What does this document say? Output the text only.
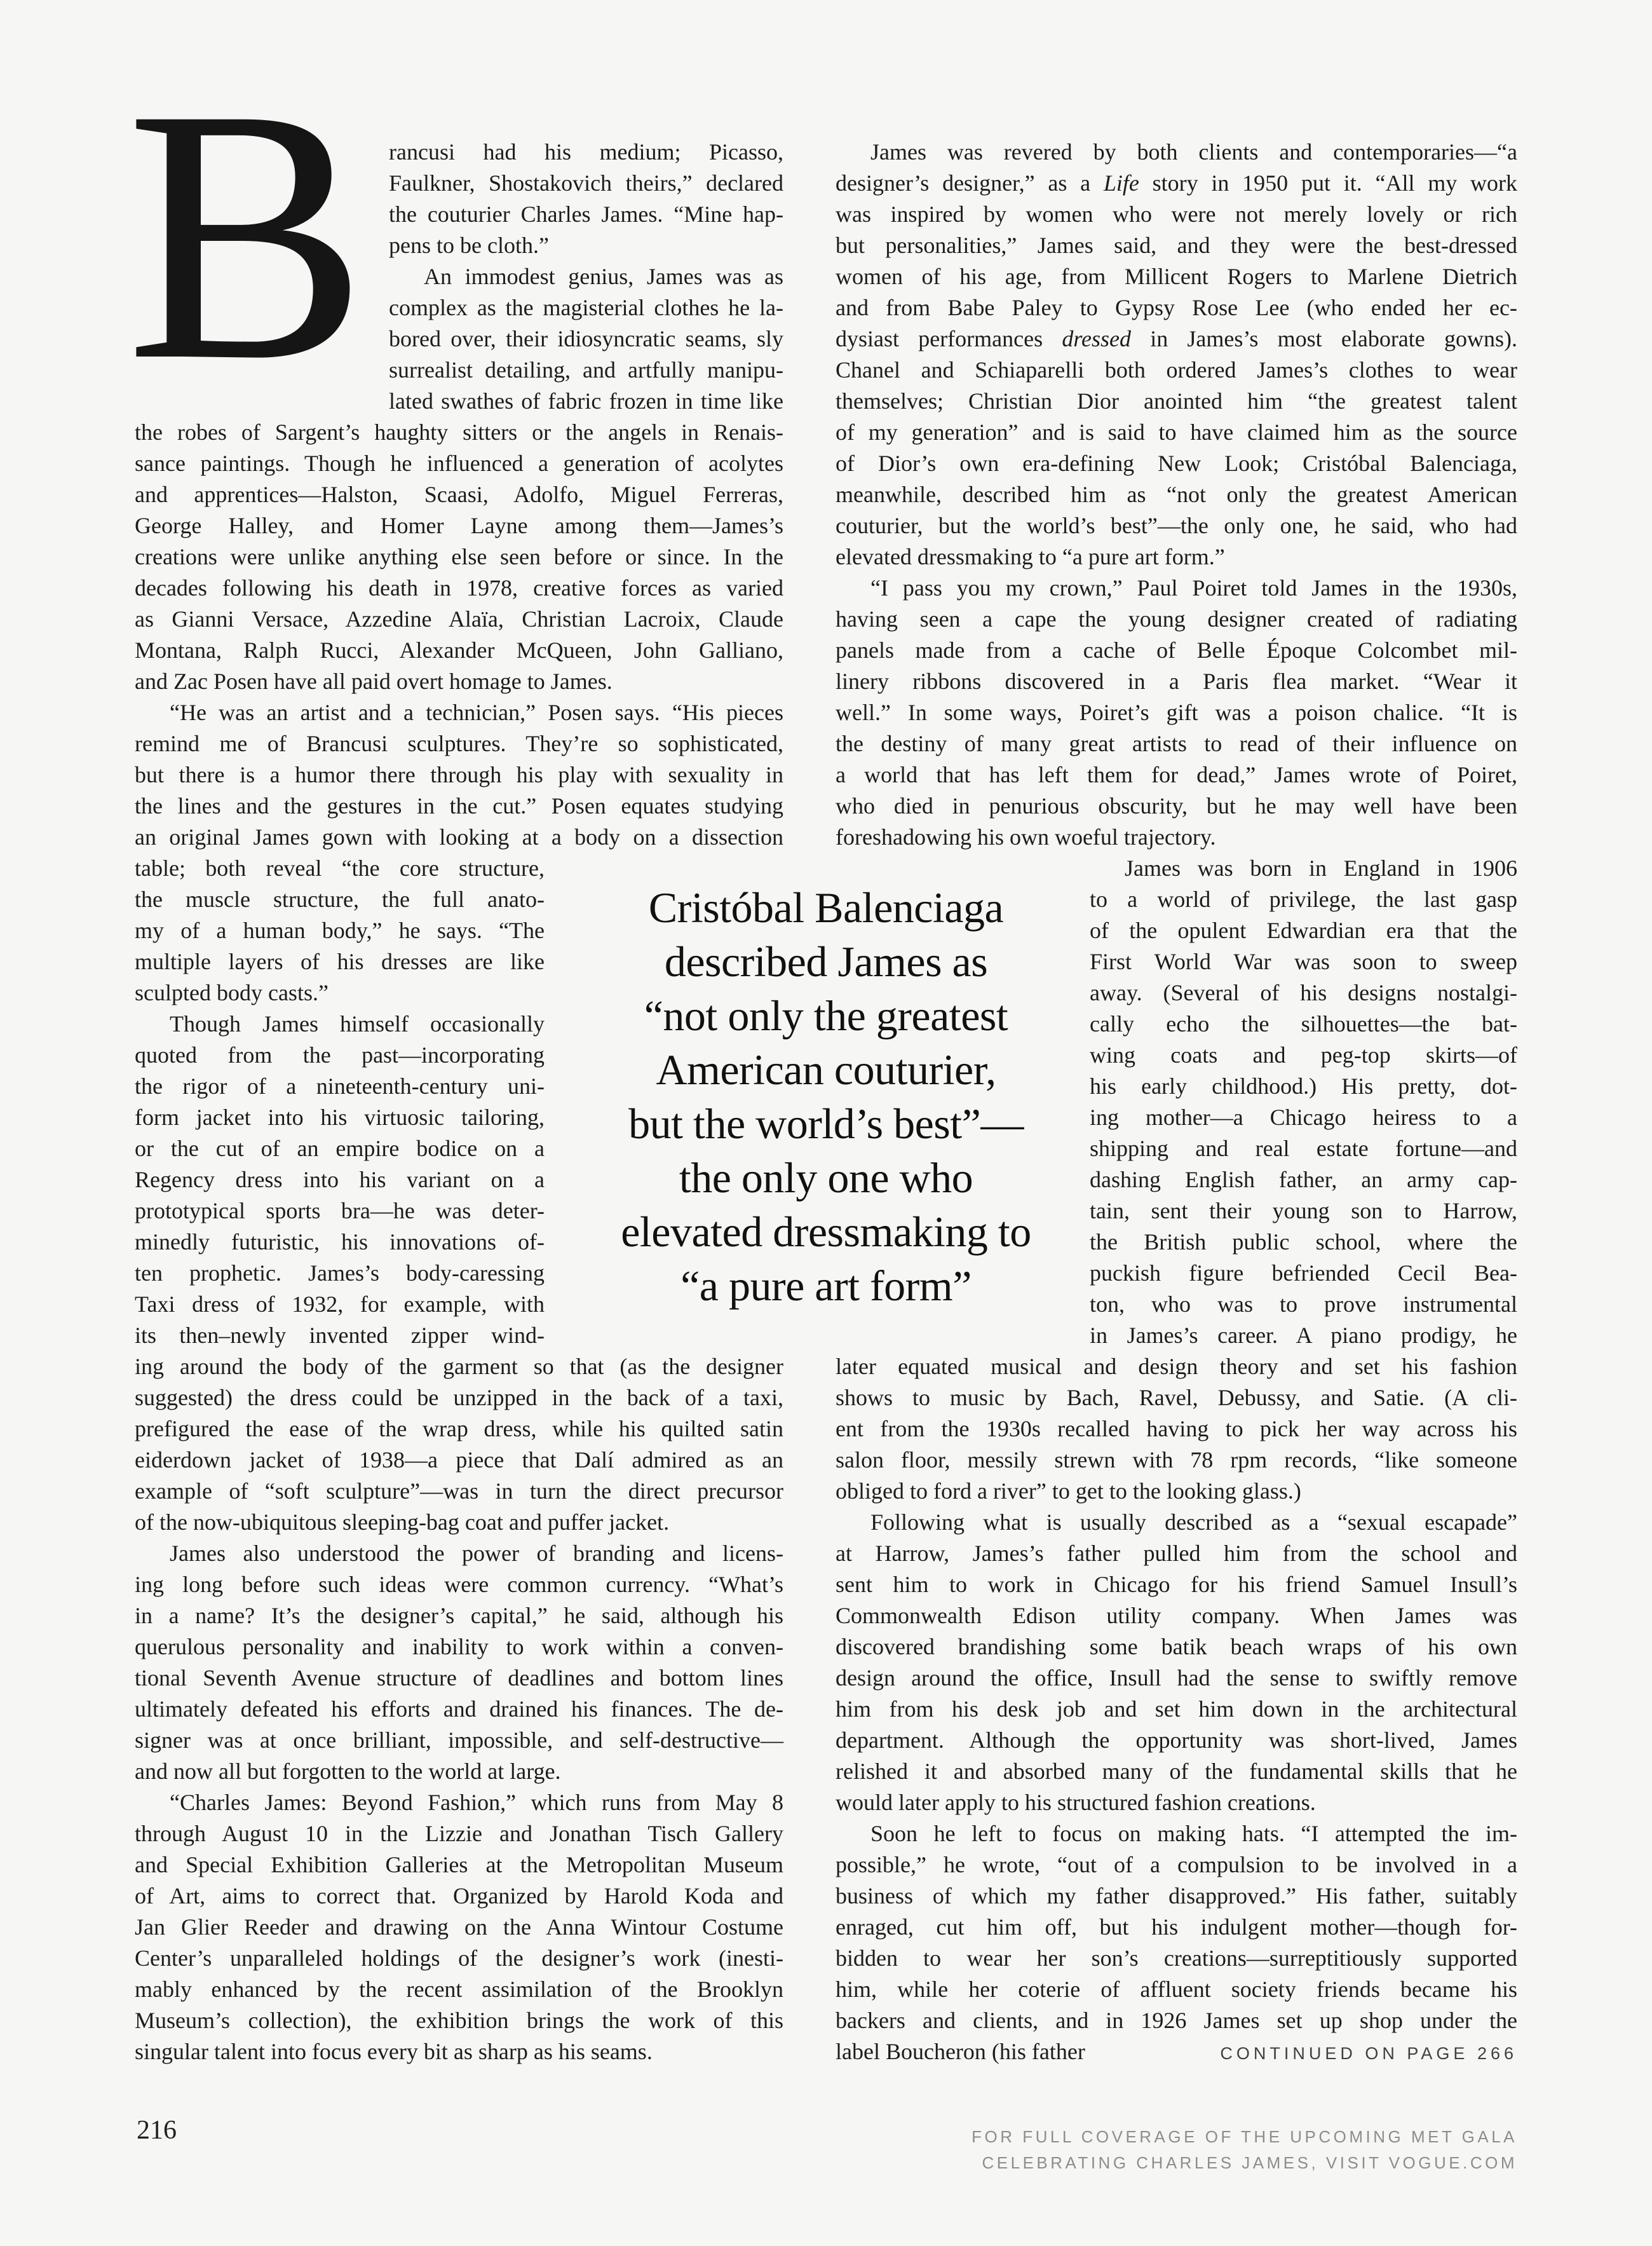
B rancusi had his medium; Picasso,
Faulkner, Shostakovich theirs,” declared
the couturier Charles James. “Mine hap-
pens to be cloth.”
An immodest genius, James was as
complex as the magisterial clothes he la-
bored over, their idiosyncratic seams, sly
surrealist detailing, and artfully manipu-
lated swathes of fabric frozen in time like
the robes of Sargent’s haughty sitters or the angels in Renais-
sance paintings. Though he influenced a generation of acolytes
and apprentices—Halston, Scaasi, Adolfo, Miguel Ferreras,
George Halley, and Homer Layne among them—James’s
creations were unlike anything else seen before or since. In the
decades following his death in 1978, creative forces as varied
as Gianni Versace, Azzedine Alaïa, Christian Lacroix, Claude
Montana, Ralph Rucci, Alexander McQueen, John Galliano,
and Zac Posen have all paid overt homage to James.
“He was an artist and a technician,” Posen says. “His pieces
remind me of Brancusi sculptures. They’re so sophisticated,
but there is a humor there through his play with sexuality in
the lines and the gestures in the cut.” Posen equates studying
an original James gown with looking at a body on a dissection
table; both reveal “the core structure,
the muscle structure, the full anato-
my of a human body,” he says. “The
multiple layers of his dresses are like
sculpted body casts.”
Though James himself occasionally
quoted from the past—incorporating
the rigor of a nineteenth-century uni-
form jacket into his virtuosic tailoring,
or the cut of an empire bodice on a
Regency dress into his variant on a
prototypical sports bra—he was deter-
minedly futuristic, his innovations of-
ten prophetic. James’s body-caressing
Taxi dress of 1932, for example, with
its then–newly invented zipper wind-
ing around the body of the garment so that (as the designer
suggested) the dress could be unzipped in the back of a taxi,
prefigured the ease of the wrap dress, while his quilted satin
eiderdown jacket of 1938—a piece that Dalí admired as an
example of “soft sculpture”—was in turn the direct precursor
of the now-ubiquitous sleeping-bag coat and puffer jacket.
James also understood the power of branding and licens-
ing long before such ideas were common currency. “What’s
in a name? It’s the designer’s capital,” he said, although his
querulous personality and inability to work within a conven-
tional Seventh Avenue structure of deadlines and bottom lines
ultimately defeated his efforts and drained his finances. The de-
signer was at once brilliant, impossible, and self-destructive—
and now all but forgotten to the world at large.
“Charles James: Beyond Fashion,” which runs from May 8
through August 10 in the Lizzie and Jonathan Tisch Gallery
and Special Exhibition Galleries at the Metropolitan Museum
of Art, aims to correct that. Organized by Harold Koda and
Jan Glier Reeder and drawing on the Anna Wintour Costume
Center’s unparalleled holdings of the designer’s work (inesti-
mably enhanced by the recent assimilation of the Brooklyn
Museum’s collection), the exhibition brings the work of this
singular talent into focus every bit as sharp as his seams.
James was revered by both clients and contemporaries—“a
designer’s designer,” as a Life story in 1950 put it. “All my work
was inspired by women who were not merely lovely or rich
but personalities,” James said, and they were the best-dressed
women of his age, from Millicent Rogers to Marlene Dietrich
and from Babe Paley to Gypsy Rose Lee (who ended her ec-
dysiast performances dressed in James’s most elaborate gowns).
Chanel and Schiaparelli both ordered James’s clothes to wear
themselves; Christian Dior anointed him “the greatest talent
of my generation” and is said to have claimed him as the source
of Dior’s own era-defining New Look; Cristóbal Balenciaga,
meanwhile, described him as “not only the greatest American
couturier, but the world’s best”—the only one, he said, who had
elevated dressmaking to “a pure art form.”
“I pass you my crown,” Paul Poiret told James in the 1930s,
having seen a cape the young designer created of radiating
panels made from a cache of Belle Époque Colcombet mil-
linery ribbons discovered in a Paris flea market. “Wear it
well.” In some ways, Poiret’s gift was a poison chalice. “It is
the destiny of many great artists to read of their influence on
a world that has left them for dead,” James wrote of Poiret,
who died in penurious obscurity, but he may well have been
foreshadowing his own woeful trajectory.
James was born in England in 1906
to a world of privilege, the last gasp
of the opulent Edwardian era that the
First World War was soon to sweep
away. (Several of his designs nostalgi-
cally echo the silhouettes—the bat-
wing coats and peg-top skirts—of
his early childhood.) His pretty, dot-
ing mother—a Chicago heiress to a
shipping and real estate fortune—and
dashing English father, an army cap-
tain, sent their young son to Harrow,
the British public school, where the
puckish figure befriended Cecil Bea-
ton, who was to prove instrumental
in James’s career. A piano prodigy, he
later equated musical and design theory and set his fashion
shows to music by Bach, Ravel, Debussy, and Satie. (A cli-
ent from the 1930s recalled having to pick her way across his
salon floor, messily strewn with 78 rpm records, “like someone
obliged to ford a river” to get to the looking glass.)
Following what is usually described as a “sexual escapade”
at Harrow, James’s father pulled him from the school and
sent him to work in Chicago for his friend Samuel Insull’s
Commonwealth Edison utility company. When James was
discovered brandishing some batik beach wraps of his own
design around the office, Insull had the sense to swiftly remove
him from his desk job and set him down in the architectural
department. Although the opportunity was short-lived, James
relished it and absorbed many of the fundamental skills that he
would later apply to his structured fashion creations.
Soon he left to focus on making hats. “I attempted the im-
possible,” he wrote, “out of a compulsion to be involved in a
business of which my father disapproved.” His father, suitably
enraged, cut him off, but his indulgent mother—though for-
bidden to wear her son’s creations—surreptitiously supported
him, while her coterie of affluent society friends became his
backers and clients, and in 1926 James set up shop under the
label Boucheron (his father	CONTINUED ON PAGE 266
Cristóbal Balenciaga
described James as
“not only the greatest
American couturier,
but the world’s best”—
the only one who
elevated dressmaking to
“a pure art form”
216	FOR FULL COVERAGE OF THE UPCOMING MET GALA
CELEBRATING CHARLES JAMES, VISIT VOGUE.COM
